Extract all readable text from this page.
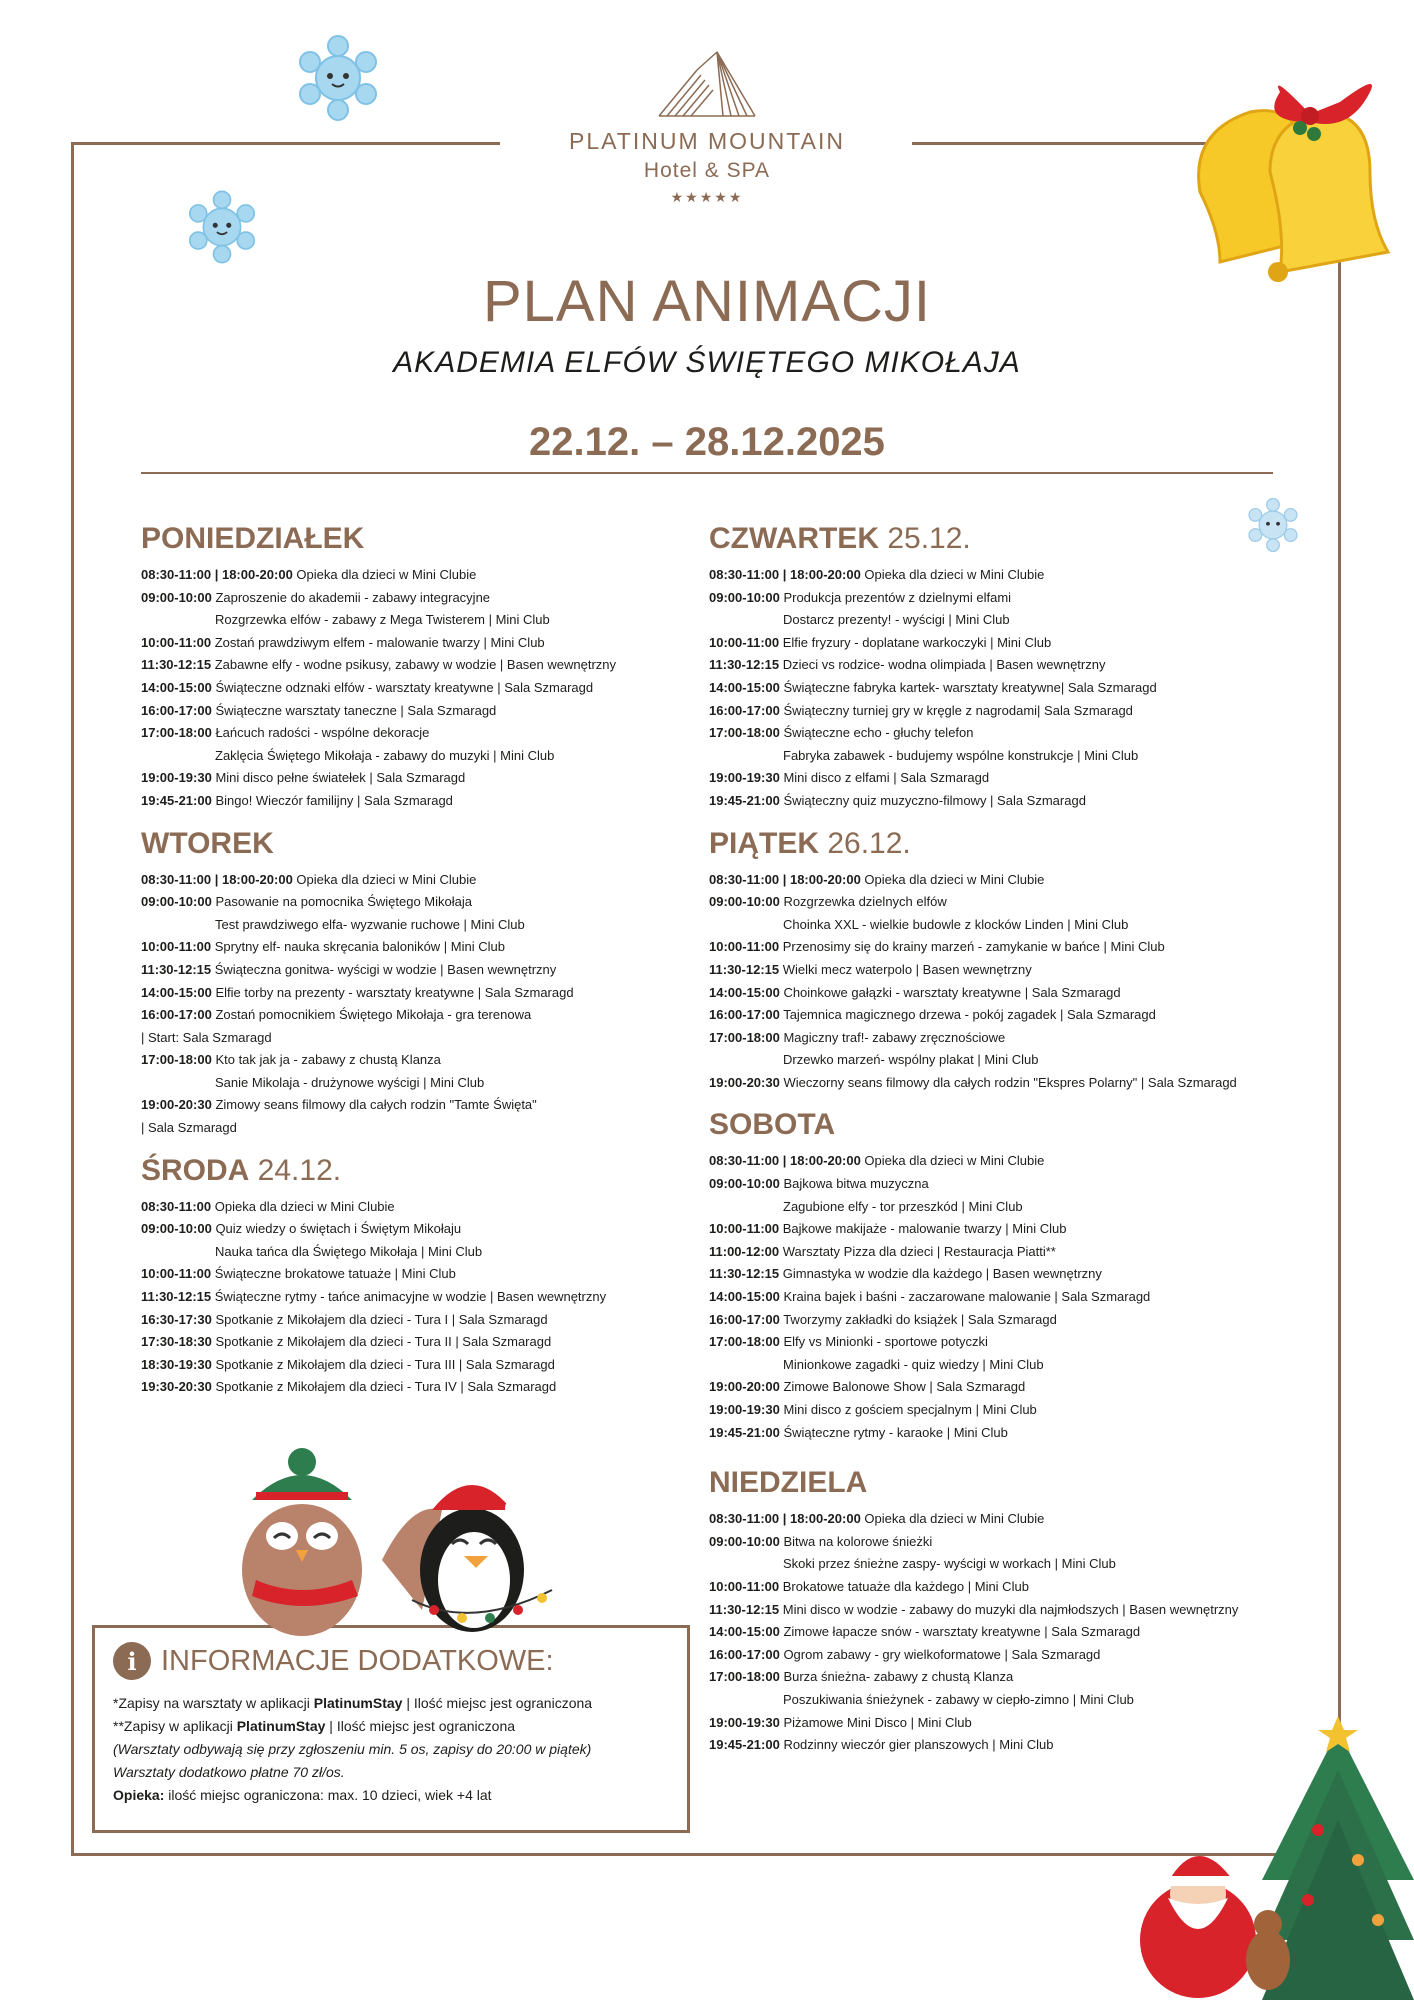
PLATINUM MOUNTAIN
Hotel & SPA
★★★★★
PLAN ANIMACJI
AKADEMIA ELFÓW ŚWIĘTEGO MIKOŁAJA
22.12. – 28.12.2025
PONIEDZIAŁEK
08:30-11:00 | 18:00-20:00 Opieka dla dzieci w Mini Clubie
09:00-10:00 Zaproszenie do akademii - zabawy integracyjne
Rozgrzewka elfów - zabawy z Mega Twisterem | Mini Club
10:00-11:00 Zostań prawdziwym elfem - malowanie twarzy | Mini Club
11:30-12:15 Zabawne elfy - wodne psikusy, zabawy w wodzie | Basen wewnętrzny
14:00-15:00 Świąteczne odznaki elfów - warsztaty kreatywne | Sala Szmaragd
16:00-17:00 Świąteczne warsztaty taneczne | Sala Szmaragd
17:00-18:00 Łańcuch radości - wspólne dekoracje
Zaklęcia Świętego Mikołaja - zabawy do muzyki | Mini Club
19:00-19:30 Mini disco pełne światełek | Sala Szmaragd
19:45-21:00 Bingo! Wieczór familijny | Sala Szmaragd
WTOREK
08:30-11:00 | 18:00-20:00 Opieka dla dzieci w Mini Clubie
09:00-10:00 Pasowanie na pomocnika Świętego Mikołaja
Test prawdziwego elfa- wyzwanie ruchowe | Mini Club
10:00-11:00 Sprytny elf- nauka skręcania baloników | Mini Club
11:30-12:15 Świąteczna gonitwa- wyścigi w wodzie | Basen wewnętrzny
14:00-15:00 Elfie torby na prezenty - warsztaty kreatywne | Sala Szmaragd
16:00-17:00 Zostań pomocnikiem Świętego Mikołaja - gra terenowa
| Start: Sala Szmaragd
17:00-18:00 Kto tak jak ja - zabawy z chustą Klanza
Sanie Mikolaja - drużynowe wyścigi | Mini Club
19:00-20:30 Zimowy seans filmowy dla całych rodzin "Tamte Święta"
| Sala Szmaragd
ŚRODA 24.12.
08:30-11:00 Opieka dla dzieci w Mini Clubie
09:00-10:00 Quiz wiedzy o świętach i Świętym Mikołaju
Nauka tańca dla Świętego Mikołaja | Mini Club
10:00-11:00 Świąteczne brokatowe tatuaże | Mini Club
11:30-12:15 Świąteczne rytmy - tańce animacyjne w wodzie | Basen wewnętrzny
16:30-17:30 Spotkanie z Mikołajem dla dzieci - Tura I | Sala Szmaragd
17:30-18:30 Spotkanie z Mikołajem dla dzieci - Tura II | Sala Szmaragd
18:30-19:30 Spotkanie z Mikołajem dla dzieci - Tura III | Sala Szmaragd
19:30-20:30 Spotkanie z Mikołajem dla dzieci - Tura IV | Sala Szmaragd
CZWARTEK 25.12.
08:30-11:00 | 18:00-20:00 Opieka dla dzieci w Mini Clubie
09:00-10:00 Produkcja prezentów z dzielnymi elfami
Dostarcz prezenty! - wyścigi | Mini Club
10:00-11:00 Elfie fryzury - doplatane warkoczyki | Mini Club
11:30-12:15 Dzieci vs rodzice- wodna olimpiada | Basen wewnętrzny
14:00-15:00 Świąteczne fabryka kartek- warsztaty kreatywne| Sala Szmaragd
16:00-17:00 Świąteczny turniej gry w kręgle z nagrodami| Sala Szmaragd
17:00-18:00 Świąteczne echo - głuchy telefon
Fabryka zabawek - budujemy wspólne konstrukcje | Mini Club
19:00-19:30 Mini disco z elfami | Sala Szmaragd
19:45-21:00 Świąteczny quiz muzyczno-filmowy | Sala Szmaragd
PIĄTEK 26.12.
08:30-11:00 | 18:00-20:00 Opieka dla dzieci w Mini Clubie
09:00-10:00 Rozgrzewka dzielnych elfów
Choinka XXL - wielkie budowle z klocków Linden | Mini Club
10:00-11:00 Przenosimy się do krainy marzeń - zamykanie w bańce | Mini Club
11:30-12:15 Wielki mecz waterpolo | Basen wewnętrzny
14:00-15:00 Choinkowe gałązki - warsztaty kreatywne | Sala Szmaragd
16:00-17:00 Tajemnica magicznego drzewa - pokój zagadek | Sala Szmaragd
17:00-18:00 Magiczny traf!- zabawy zręcznościowe
Drzewko marzeń- wspólny plakat | Mini Club
19:00-20:30 Wieczorny seans filmowy dla całych rodzin "Ekspres Polarny" | Sala Szmaragd
SOBOTA
08:30-11:00 | 18:00-20:00 Opieka dla dzieci w Mini Clubie
09:00-10:00 Bajkowa bitwa muzyczna
Zagubione elfy - tor przeszkód | Mini Club
10:00-11:00 Bajkowe makijaże - malowanie twarzy | Mini Club
11:00-12:00 Warsztaty Pizza dla dzieci | Restauracja Piatti**
11:30-12:15 Gimnastyka w wodzie dla każdego | Basen wewnętrzny
14:00-15:00 Kraina bajek i baśni - zaczarowane malowanie | Sala Szmaragd
16:00-17:00 Tworzymy zakładki do książek | Sala Szmaragd
17:00-18:00 Elfy vs Minionki - sportowe potyczki
Minionkowe zagadki - quiz wiedzy | Mini Club
19:00-20:00 Zimowe Balonowe Show | Sala Szmaragd
19:00-19:30 Mini disco z gościem specjalnym | Mini Club
19:45-21:00 Świąteczne rytmy - karaoke | Mini Club
NIEDZIELA
08:30-11:00 | 18:00-20:00 Opieka dla dzieci w Mini Clubie
09:00-10:00 Bitwa na kolorowe śnieżki
Skoki przez śnieżne zaspy- wyścigi w workach | Mini Club
10:00-11:00 Brokatowe tatuaże dla każdego | Mini Club
11:30-12:15 Mini disco w wodzie - zabawy do muzyki dla najmłodszych | Basen wewnętrzny
14:00-15:00 Zimowe łapacze snów - warsztaty kreatywne | Sala Szmaragd
16:00-17:00 Ogrom zabawy - gry wielkoformatowe | Sala Szmaragd
17:00-18:00 Burza śnieżna- zabawy z chustą Klanza
Poszukiwania śnieżynek - zabawy w ciepło-zimno | Mini Club
19:00-19:30 Piżamowe Mini Disco | Mini Club
19:45-21:00 Rodzinny wieczór gier planszowych | Mini Club
i INFORMACJE DODATKOWE:
*Zapisy na warsztaty w aplikacji PlatinumStay | Ilość miejsc jest ograniczona
**Zapisy w aplikacji PlatinumStay | Ilość miejsc jest ograniczona
(Warsztaty odbywają się przy zgłoszeniu min. 5 os, zapisy do 20:00 w piątek)
Warsztaty dodatkowo płatne 70 zł/os.
Opieka: ilość miejsc ograniczona: max. 10 dzieci, wiek +4 lat
